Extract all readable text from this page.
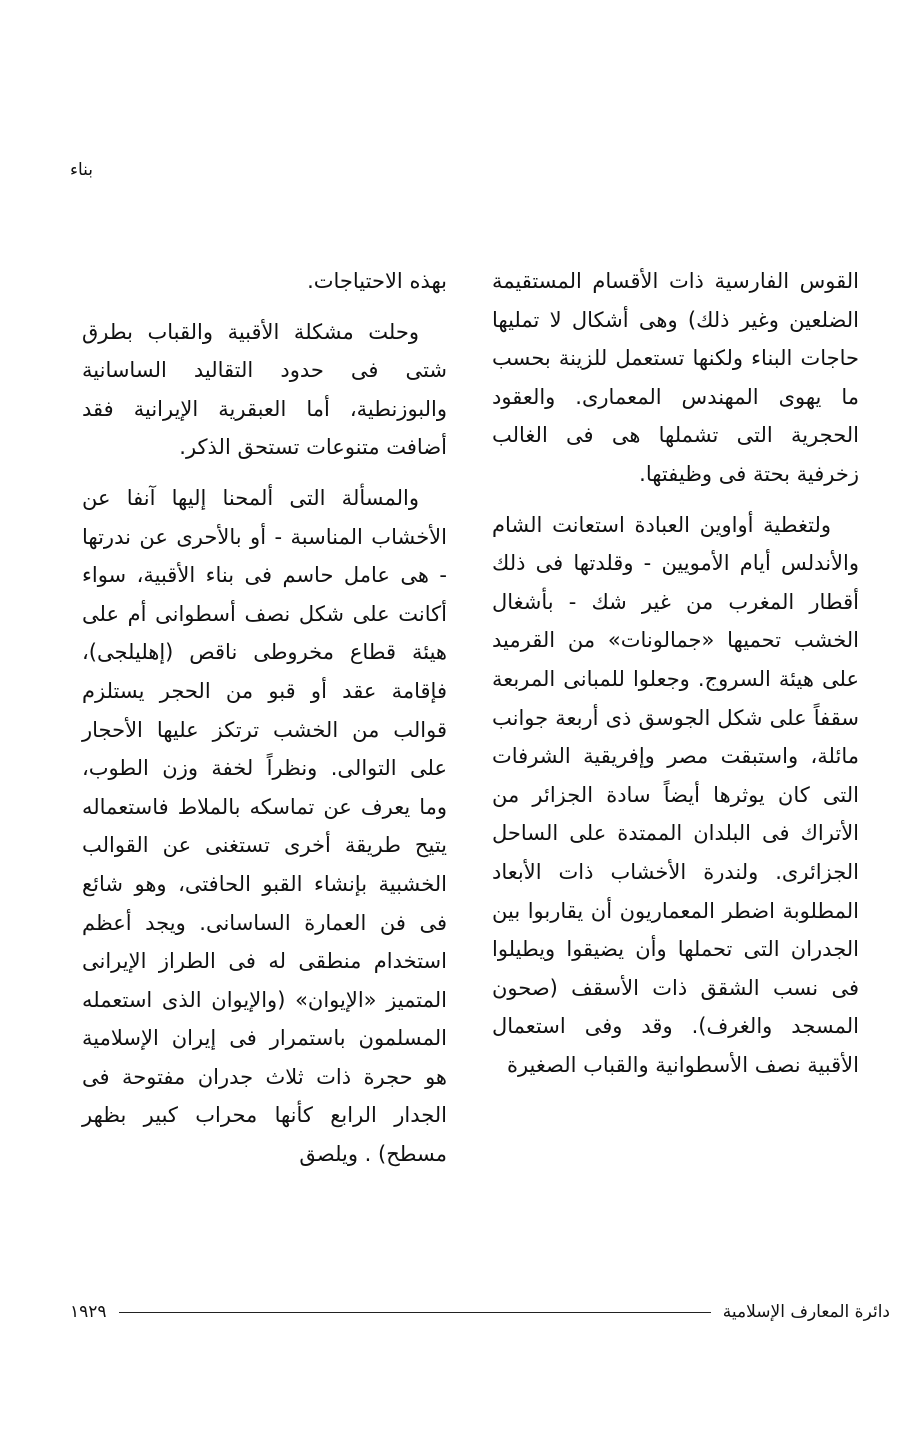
بناء

القوس الفارسية ذات الأقسام المستقيمة الضلعين وغير ذلك) وهى أشكال لا تمليها حاجات البناء ولكنها تستعمل للزينة بحسب ما يهوى المهندس المعمارى. والعقود الحجرية التى تشملها هى فى الغالب زخرفية بحتة فى وظيفتها.

ولتغطية أواوين العبادة استعانت الشام والأندلس أيام الأمويين - وقلدتها فى ذلك أقطار المغرب من غير شك - بأشغال الخشب تحميها «جمالونات» من القرميد على هيئة السروج. وجعلوا للمبانى المربعة سقفاً على شكل الجوسق ذى أربعة جوانب مائلة، واستبقت مصر وإفريقية الشرفات التى كان يوثرها أيضاً سادة الجزائر من الأتراك فى البلدان الممتدة على الساحل الجزائرى. ولندرة الأخشاب ذات الأبعاد المطلوبة اضطر المعماريون أن يقاربوا بين الجدران التى تحملها وأن يضيقوا ويطيلوا فى نسب الشقق ذات الأسقف (صحون المسجد والغرف). وقد وفى استعمال الأقبية نصف الأسطوانية والقباب الصغيرة

بهذه الاحتياجات.

وحلت مشكلة الأقبية والقباب بطرق شتى فى حدود التقاليد الساسانية والبوزنطية، أما العبقرية الإيرانية فقد أضافت متنوعات تستحق الذكر.

والمسألة التى ألمحنا إليها آنفا عن الأخشاب المناسبة - أو بالأحرى عن ندرتها - هى عامل حاسم فى بناء الأقبية، سواء أكانت على شكل نصف أسطوانى أم على هيئة قطاع مخروطى ناقص (إهليلجى)، فإقامة عقد أو قبو من الحجر يستلزم قوالب من الخشب ترتكز عليها الأحجار على التوالى. ونظراً لخفة وزن الطوب، وما يعرف عن تماسكه بالملاط فاستعماله يتيح طريقة أخرى تستغنى عن القوالب الخشبية بإنشاء القبو الحافتى، وهو شائع فى فن العمارة الساسانى. ويجد أعظم استخدام منطقى له فى الطراز الإيرانى المتميز «الإيوان» (والإيوان الذى استعمله المسلمون باستمرار فى إيران الإسلامية هو حجرة ذات ثلاث جدران مفتوحة فى الجدار الرابع كأنها محراب كبير بظهر مسطح) . ويلصق

دائرة المعارف الإسلامية
١٩٢٩
